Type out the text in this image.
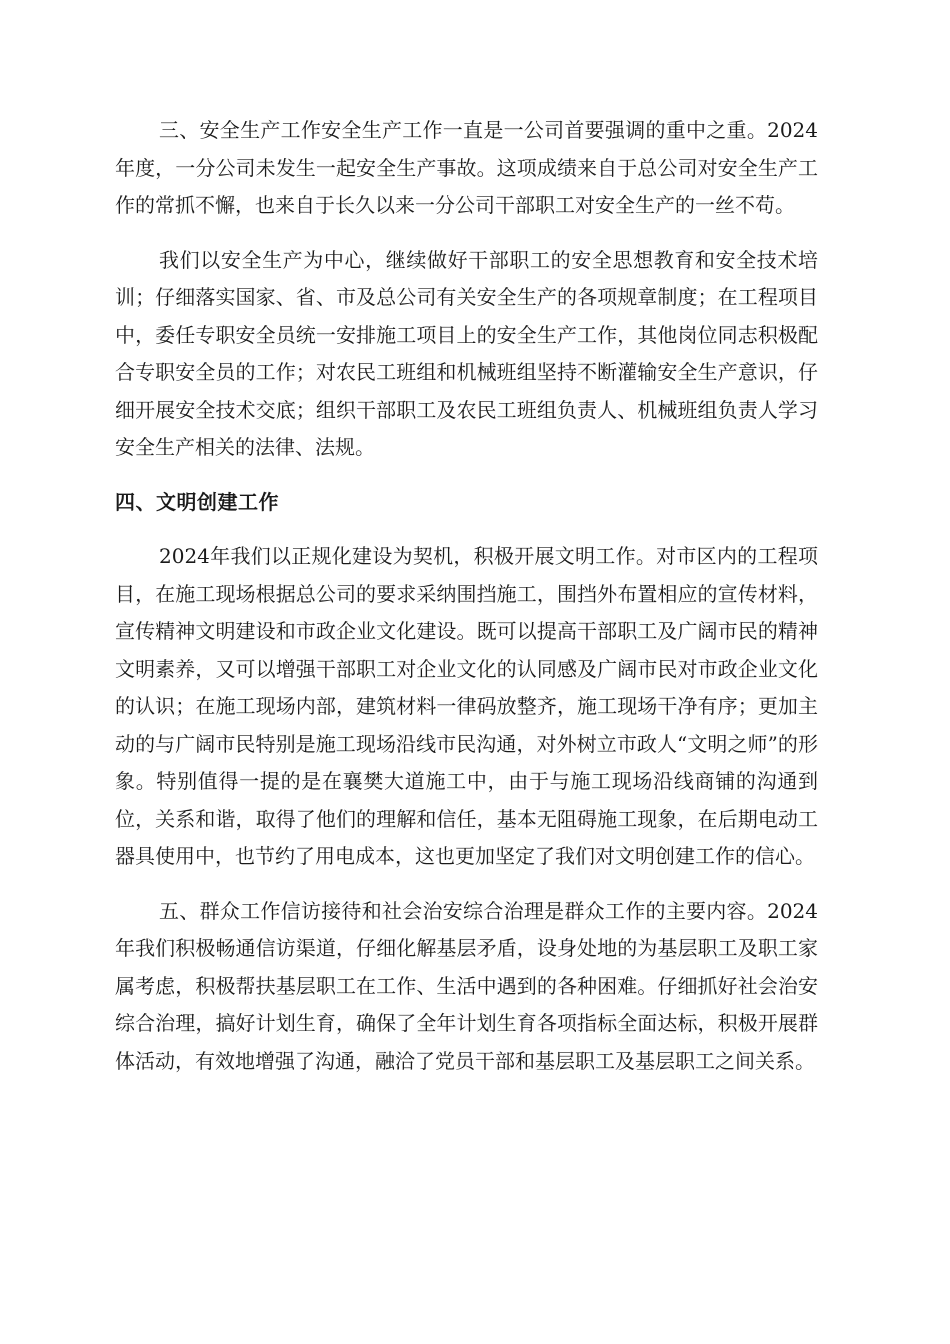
三、安全生产工作安全生产工作一直是一公司首要强调的重中之重。2024年度，一分公司未发生一起安全生产事故。这项成绩来自于总公司对安全生产工作的常抓不懈，也来自于长久以来一分公司干部职工对安全生产的一丝不苟。

我们以安全生产为中心，继续做好干部职工的安全思想教育和安全技术培训；仔细落实国家、省、市及总公司有关安全生产的各项规章制度；在工程项目中，委任专职安全员统一安排施工项目上的安全生产工作，其他岗位同志积极配合专职安全员的工作；对农民工班组和机械班组坚持不断灌输安全生产意识，仔细开展安全技术交底；组织干部职工及农民工班组负责人、机械班组负责人学习安全生产相关的法律、法规。

四、文明创建工作

2024年我们以正规化建设为契机，积极开展文明工作。对市区内的工程项目，在施工现场根据总公司的要求采纳围挡施工，围挡外布置相应的宣传材料，宣传精神文明建设和市政企业文化建设。既可以提高干部职工及广阔市民的精神文明素养，又可以增强干部职工对企业文化的认同感及广阔市民对市政企业文化的认识；在施工现场内部，建筑材料一律码放整齐，施工现场干净有序；更加主动的与广阔市民特别是施工现场沿线市民沟通，对外树立市政人“文明之师”的形象。特别值得一提的是在襄樊大道施工中，由于与施工现场沿线商铺的沟通到位，关系和谐，取得了他们的理解和信任，基本无阻碍施工现象，在后期电动工器具使用中，也节约了用电成本，这也更加坚定了我们对文明创建工作的信心。

五、群众工作信访接待和社会治安综合治理是群众工作的主要内容。2024年我们积极畅通信访渠道，仔细化解基层矛盾，设身处地的为基层职工及职工家属考虑，积极帮扶基层职工在工作、生活中遇到的各种困难。仔细抓好社会治安综合治理，搞好计划生育，确保了全年计划生育各项指标全面达标，积极开展群体活动，有效地增强了沟通，融洽了党员干部和基层职工及基层职工之间关系。
